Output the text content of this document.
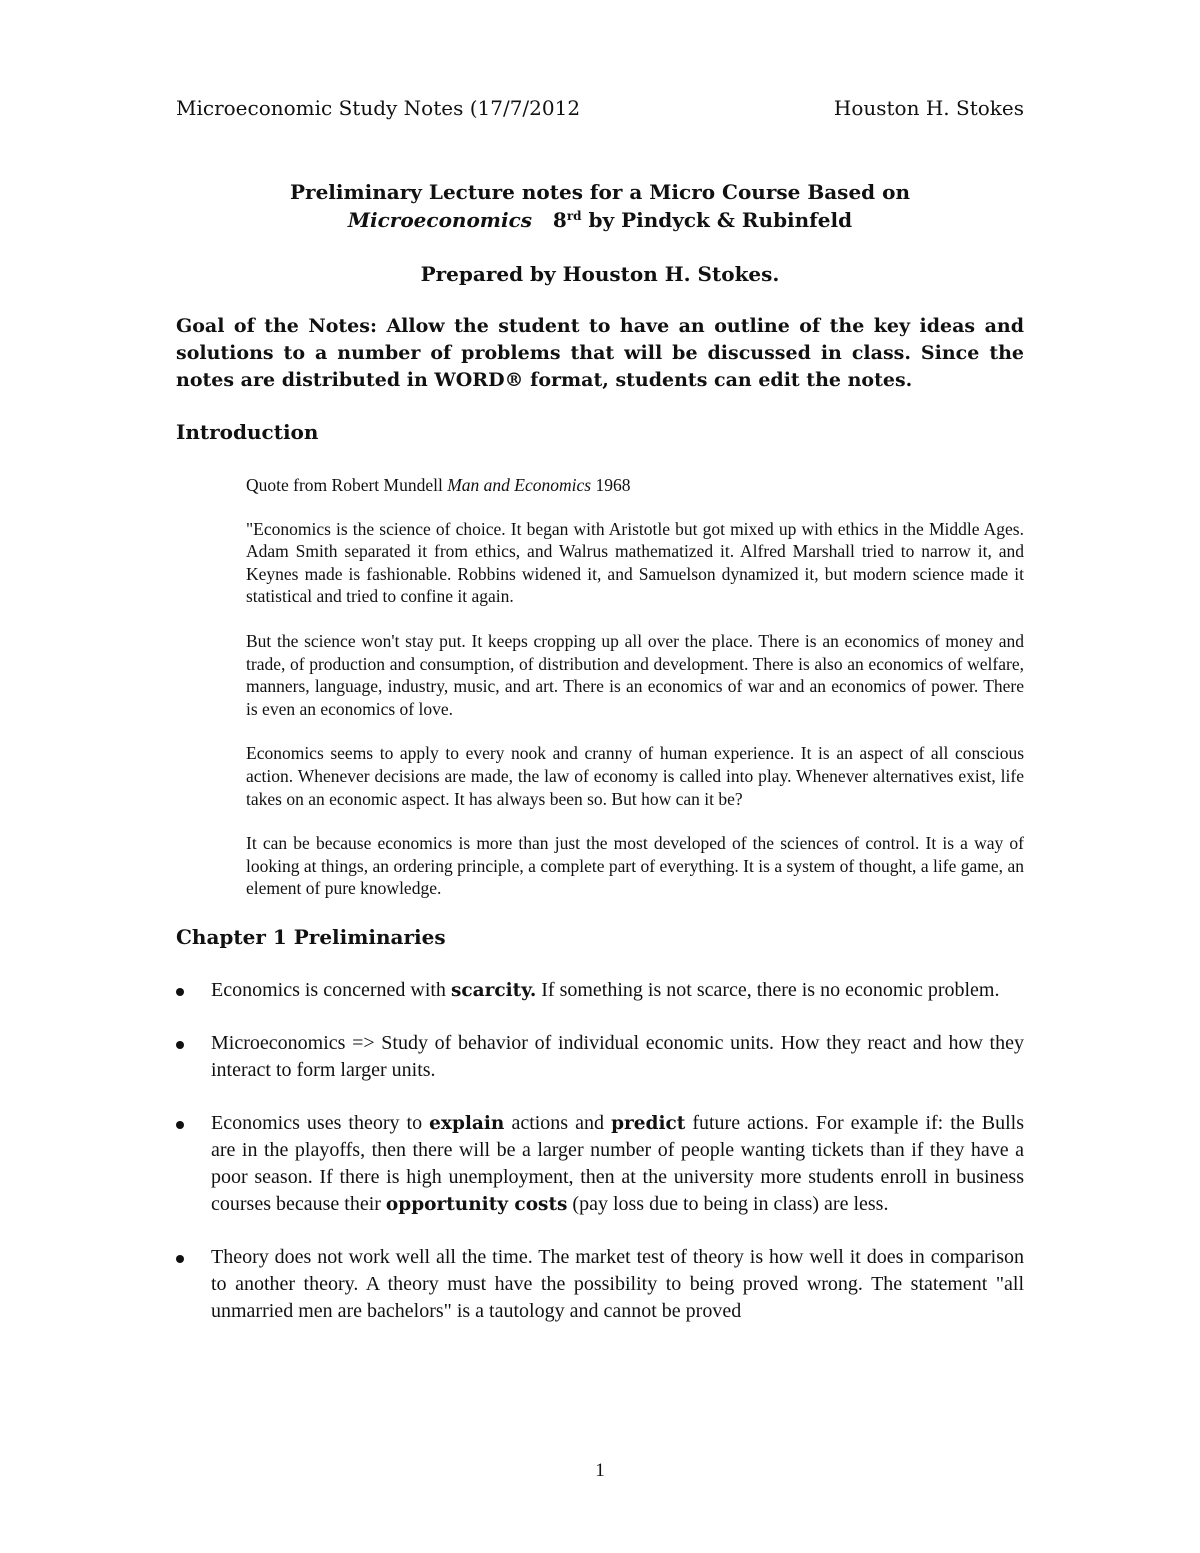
Microeconomic Study Notes (17/7/2012	Houston H. Stokes
Preliminary Lecture notes for a Micro Course Based on
Microeconomics 8rd by Pindyck & Rubinfeld
Prepared by Houston H. Stokes.
Goal of the Notes: Allow the student to have an outline of the key ideas and solutions to a number of problems that will be discussed in class. Since the notes are distributed in WORD® format, students can edit the notes.
Introduction

Quote from Robert Mundell Man and Economics 1968

"Economics is the science of choice. It began with Aristotle but got mixed up with ethics in the Middle Ages. Adam Smith separated it from ethics, and Walrus mathematized it. Alfred Marshall tried to narrow it, and Keynes made is fashionable. Robbins widened it, and Samuelson dynamized it, but modern science made it statistical and tried to confine it again.

But the science won't stay put. It keeps cropping up all over the place. There is an economics of money and trade, of production and consumption, of distribution and development. There is also an economics of welfare, manners, language, industry, music, and art. There is an economics of war and an economics of power. There is even an economics of love.

Economics seems to apply to every nook and cranny of human experience. It is an aspect of all conscious action. Whenever decisions are made, the law of economy is called into play. Whenever alternatives exist, life takes on an economic aspect. It has always been so. But how can it be?

It can be because economics is more than just the most developed of the sciences of control. It is a way of looking at things, an ordering principle, a complete part of everything. It is a system of thought, a life game, an element of pure knowledge.

Chapter 1 Preliminaries
Economics is concerned with scarcity. If something is not scarce, there is no economic problem.
Microeconomics => Study of behavior of individual economic units. How they react and how they interact to form larger units.
Economics uses theory to explain actions and predict future actions. For example if: the Bulls are in the playoffs, then there will be a larger number of people wanting tickets than if they have a poor season. If there is high unemployment, then at the university more students enroll in business courses because their opportunity costs (pay loss due to being in class) are less.
Theory does not work well all the time. The market test of theory is how well it does in comparison to another theory. A theory must have the possibility to being proved wrong. The statement "all unmarried men are bachelors" is a tautology and cannot be proved
1
